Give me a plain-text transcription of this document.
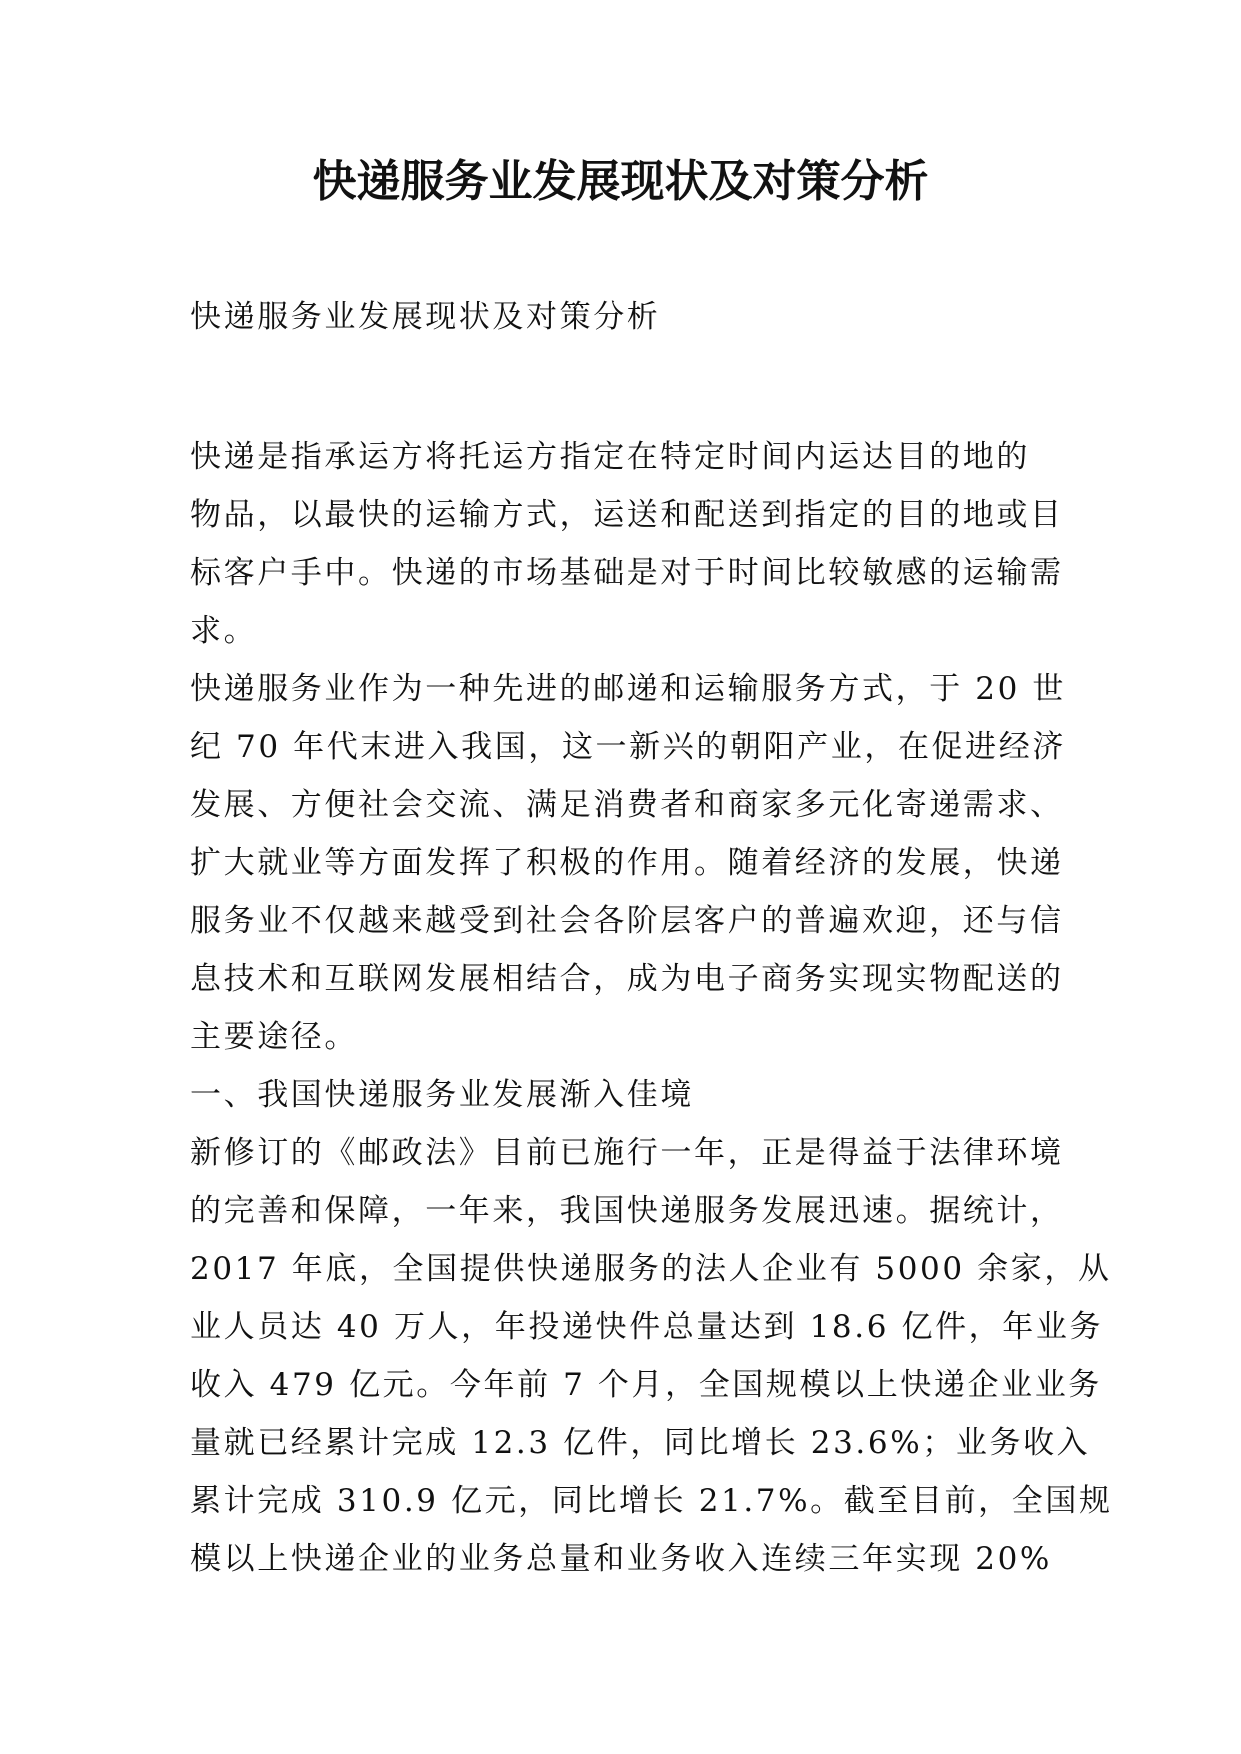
快递服务业发展现状及对策分析
快递服务业发展现状及对策分析
快递是指承运方将托运方指定在特定时间内运达目的地的
物品，以最快的运输方式，运送和配送到指定的目的地或目
标客户手中。快递的市场基础是对于时间比较敏感的运输需
求。
快递服务业作为一种先进的邮递和运输服务方式，于 20 世
纪 70 年代末进入我国，这一新兴的朝阳产业，在促进经济
发展、方便社会交流、满足消费者和商家多元化寄递需求、
扩大就业等方面发挥了积极的作用。随着经济的发展，快递
服务业不仅越来越受到社会各阶层客户的普遍欢迎，还与信
息技术和互联网发展相结合，成为电子商务实现实物配送的
主要途径。
一、我国快递服务业发展渐入佳境
新修订的《邮政法》目前已施行一年，正是得益于法律环境
的完善和保障，一年来，我国快递服务发展迅速。据统计，
2017 年底，全国提供快递服务的法人企业有 5000 余家，从
业人员达 40 万人，年投递快件总量达到 18.6 亿件，年业务
收入 479 亿元。今年前 7 个月，全国规模以上快递企业业务
量就已经累计完成 12.3 亿件，同比增长 23.6%；业务收入
累计完成 310.9 亿元，同比增长 21.7%。截至目前，全国规
模以上快递企业的业务总量和业务收入连续三年实现 20%
